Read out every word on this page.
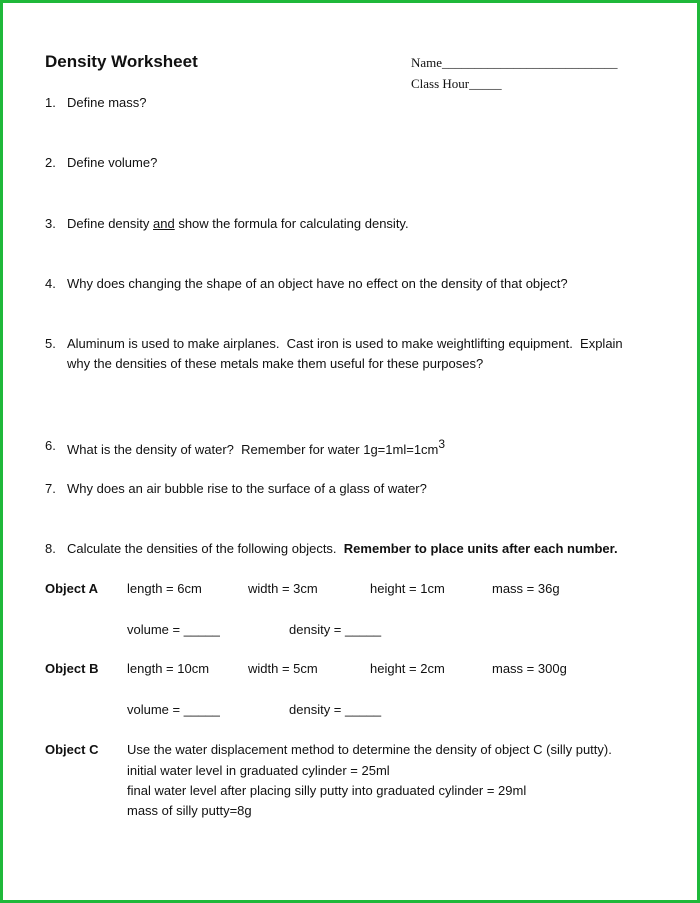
Density Worksheet	Name___________________________
Class Hour_____
1. Define mass?
2. Define volume?
3. Define density and show the formula for calculating density.
4. Why does changing the shape of an object have no effect on the density of that object?
5. Aluminum is used to make airplanes.  Cast iron is used to make weightlifting equipment.  Explain
why the densities of these metals make them useful for these purposes?
6. What is the density of water?  Remember for water $1g=1ml=1cm^3$
7. Why does an air bubble rise to the surface of a glass of water?
8. Calculate the densities of the following objects.  Remember to place units after each number.
Object A length = 6cm	width = 3cm	height = 1cm	mass = 36g
volume = _____	density = _____
Object B length = 10cm	width = 5cm	height = 2cm	mass = 300g
volume = _____	density = _____
Object C Use the water displacement method to determine the density of object C (silly putty).
initial water level in graduated cylinder = 25ml
final water level after placing silly putty into graduated cylinder = 29ml
mass of silly putty=8g
